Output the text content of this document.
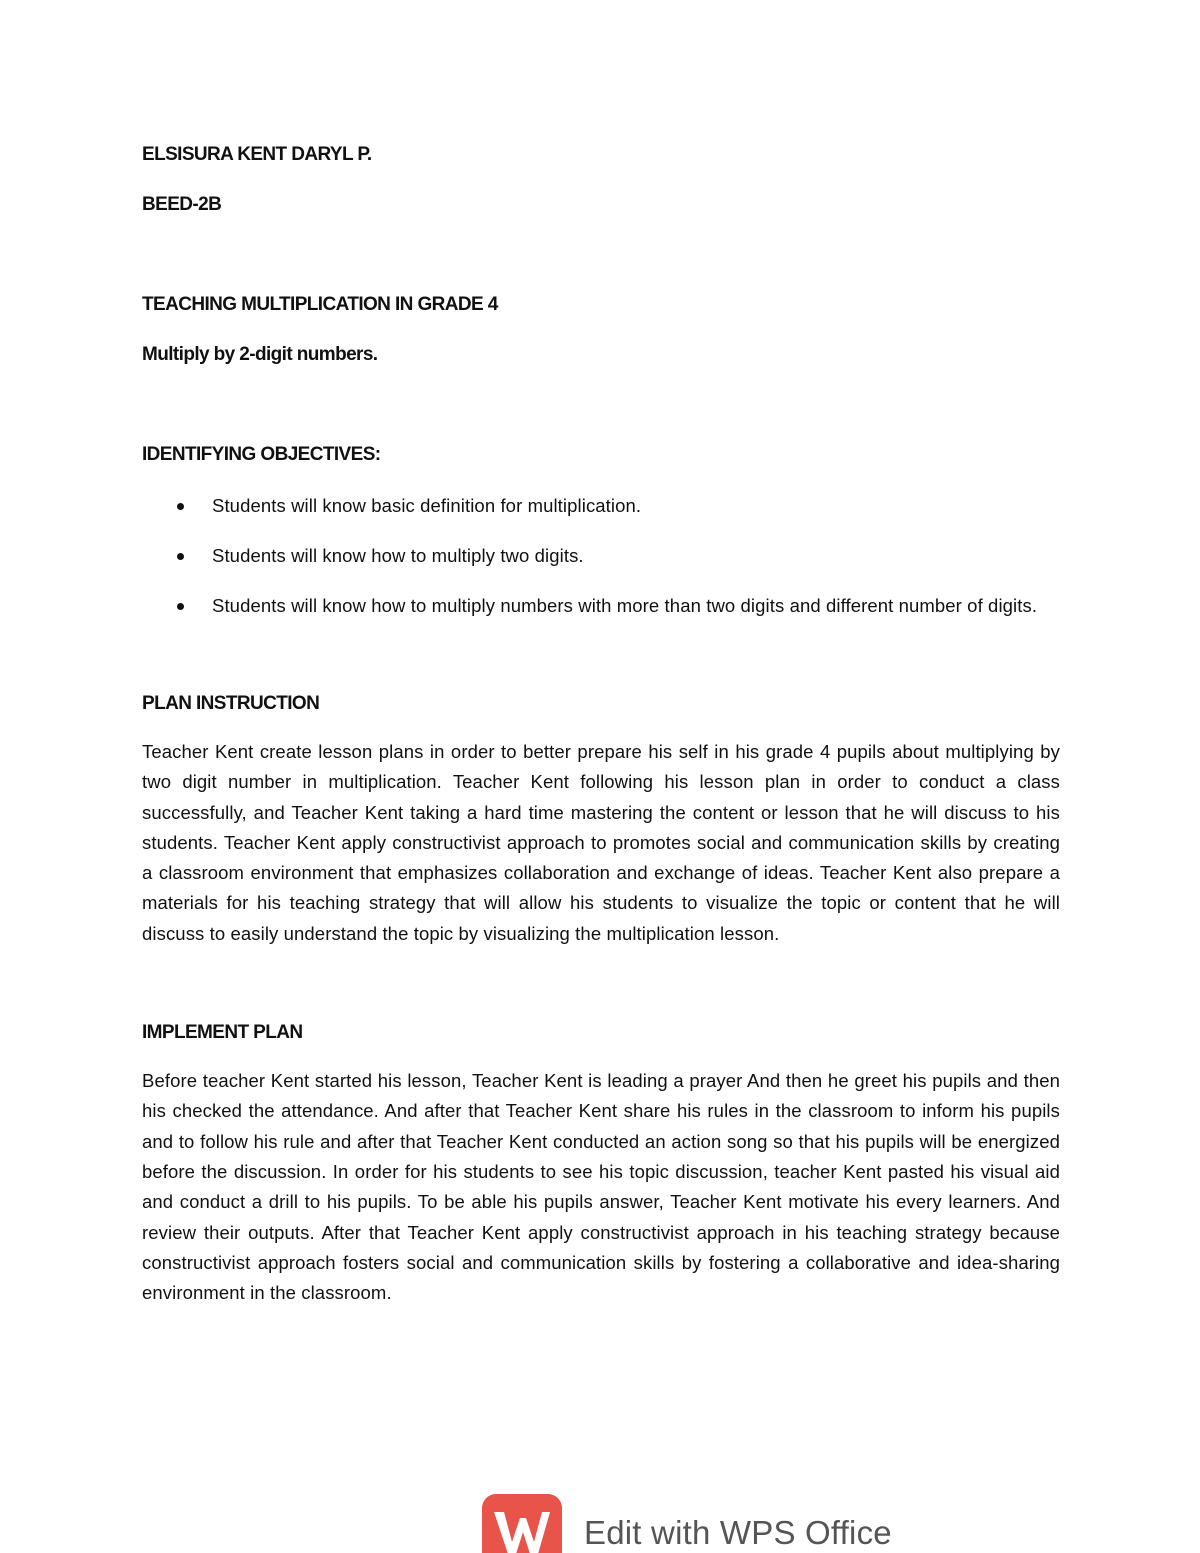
ELSISURA KENT DARYL P.

BEED-2B

TEACHING MULTIPLICATION IN GRADE 4

Multiply by 2-digit numbers.

IDENTIFYING OBJECTIVES:

Students will know basic definition for multiplication.
Students will know how to multiply two digits.
Students will know how to multiply numbers with more than two digits and different number of digits.

PLAN INSTRUCTION

Teacher Kent create lesson plans in order to better prepare his self in his grade 4 pupils about multiplying by two digit number in multiplication. Teacher Kent following his lesson plan in order to conduct a class successfully, and Teacher Kent taking a hard time mastering the content or lesson that he will discuss to his students. Teacher Kent apply constructivist approach to promotes social and communication skills by creating a classroom environment that emphasizes collaboration and exchange of ideas. Teacher Kent also prepare a materials for his teaching strategy that will allow his students to visualize the topic or content that he will discuss to easily understand the topic by visualizing the multiplication lesson.

IMPLEMENT PLAN

Before teacher Kent started his lesson, Teacher Kent is leading a prayer And then he greet his pupils and then his checked the attendance. And after that Teacher Kent share his rules in the classroom to inform his pupils and to follow his rule and after that Teacher Kent conducted an action song so that his pupils will be energized before the discussion. In order for his students to see his topic discussion, teacher Kent pasted his visual aid and conduct a drill to his pupils. To be able his pupils answer, Teacher Kent motivate his every learners. And review their outputs. After that Teacher Kent apply constructivist approach in his teaching strategy because constructivist approach fosters social and communication skills by fostering a collaborative and idea-sharing environment in the classroom.

Edit with WPS Office
